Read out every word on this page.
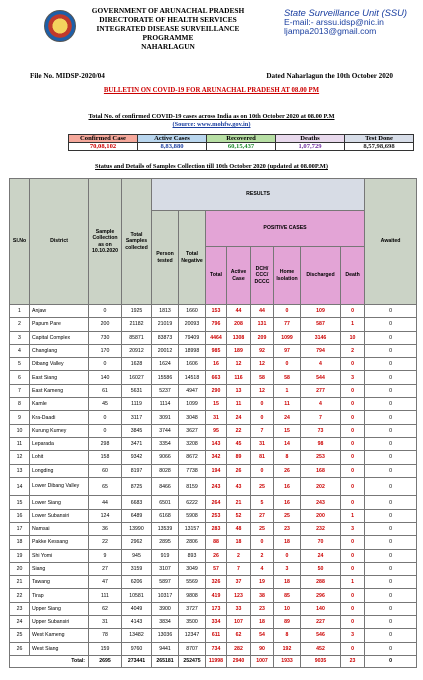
GOVERNMENT OF ARUNACHAL PRADESH
DIRECTORATE OF HEALTH SERVICES
INTEGRATED DISEASE SURVEILLANCE PROGRAMME
NAHARLAGUN
State Surveillance Unit (SSU)
E-mail:- arssu.idsp@nic.in
ljampa2013@gmail.com
File No. MIDSP-2020/04	Dated Naharlagun the 10th October 2020
BULLETIN ON COVID-19 FOR ARUNACHAL PRADESH AT 08.00 PM
Total No. of confirmed COVID-19 cases across India as on 10th October 2020 at 08.00 P.M
(Source: www.mohfw.gov.in)
Confirmed Case	Active Cases	Recovered	Deaths	Test Done
70,08,102	8,83,880	60,15,437	1,07,729	8,57,98,698
Status and Details of Samples Collection till 10th October 2020 (updated at 08.00P.M)
Sl.No	District	Sample Collection as on 10.10.2020	Total Samples collected	RESULTS								Awaited
				Person tested	Total Negative	POSITIVE CASES						
						Total	Active Case	DCH/ CCC/ DCCC	Home Isolation	Discharged	Death	
1	Anjaw	0	1925	1813	1660	153	44	44	0	109	0	0
2	Papum Pare	200	21182	21019	20093	796	208	131	77	587	1	0
3	Capital Complex	730	85871	83873	79409	4464	1308	209	1099	3146	10	0
4	Changlang	170	20912	20012	18998	985	189	92	97	794	2	0
5	Dibang Valley	0	1628	1624	1606	16	12	12	0	4	0	0
6	East Siang	140	16027	15586	14518	663	116	58	58	544	3	0
7	East Kameng	61	5631	5237	4947	290	13	12	1	277	0	0
8	Kamle	45	1119	1114	1099	15	11	0	11	4	0	0
9	Kra-Daadi	0	3117	3091	3048	31	24	0	24	7	0	0
10	Kurung Kumey	0	3845	3744	3627	95	22	7	15	73	0	0
11	Leparada	298	3471	3354	3208	143	45	31	14	98	0	0
12	Lohit	158	9342	9066	8672	342	89	81	8	253	0	0
13	Longding	60	8197	8028	7738	194	26	0	26	168	0	0
14	Lower Dibang Valley	65	8725	8466	8159	243	43	25	16	202	0	0
15	Lower Siang	44	6683	6501	6222	264	21	5	16	243	0	0
16	Lower Subansiri	124	6489	6168	5908	253	52	27	25	200	1	0
17	Namsai	36	13990	13539	13157	283	48	25	23	232	3	0
18	Pakke Kessang	22	2962	2895	2806	88	18	0	18	70	0	0
19	Shi Yomi	9	945	919	893	26	2	2	0	24	0	0
20	Siang	27	3159	3107	3049	57	7	4	3	50	0	0
21	Tawang	47	6206	5897	5569	326	37	19	18	288	1	0
22	Tirap	111	10581	10317	9808	419	123	38	85	296	0	0
23	Upper Siang	62	4049	3900	3727	173	33	23	10	140	0	0
24	Upper Subansiri	31	4143	3834	3500	334	107	18	89	227	0	0
25	West Kameng	78	13482	13036	12347	611	62	54	8	546	3	0
26	West Siang	159	9760	9441	8707	734	282	90	192	452	0	0
Total:		2695	273441	265181	252475	11998	2940	1007	1933	9035	23	0
